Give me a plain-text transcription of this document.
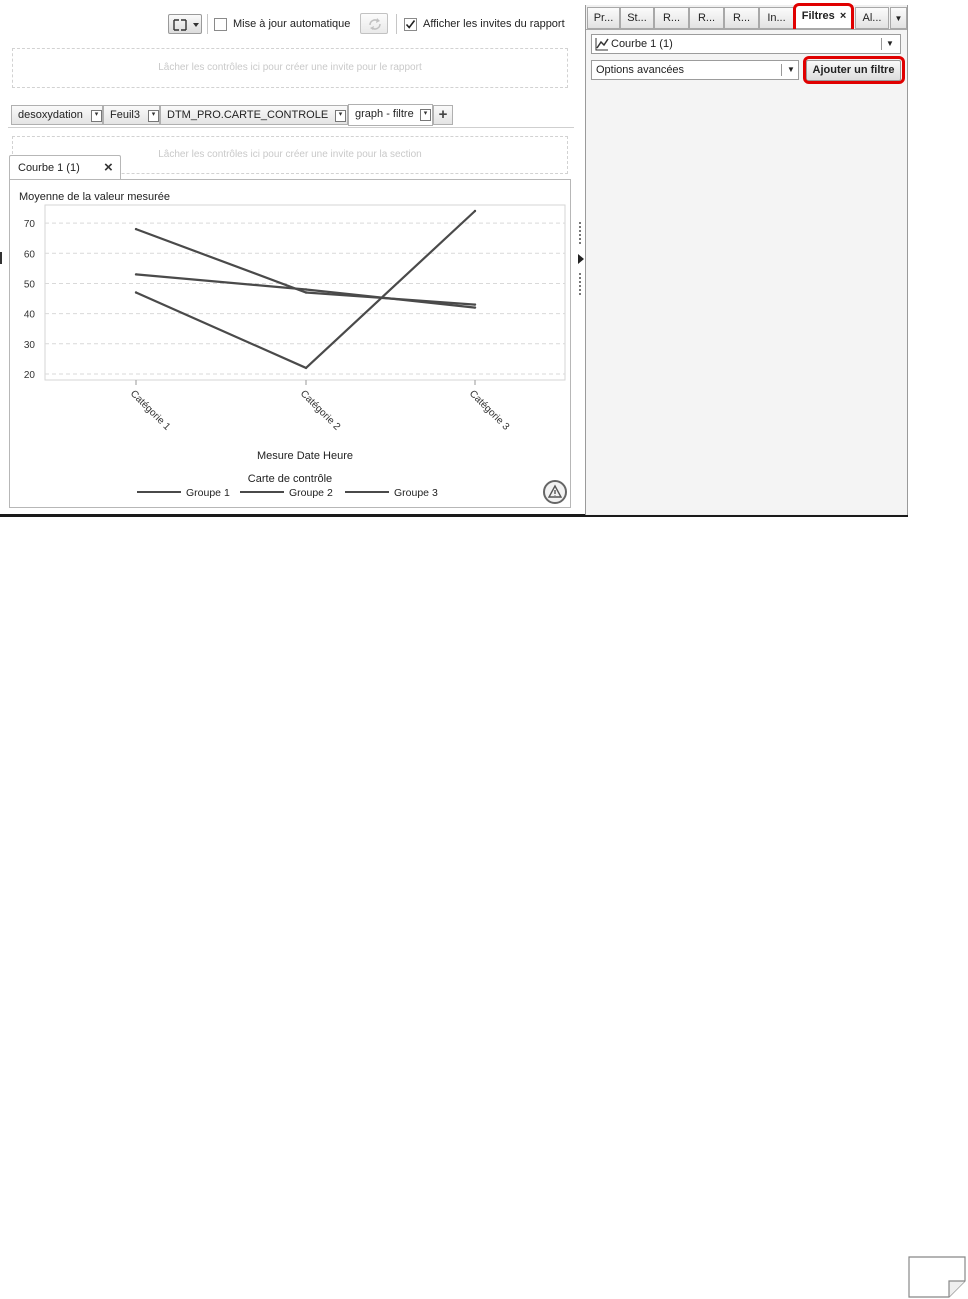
Mise à jour automatique	Afficher les invites du rapport
Lâcher les contrôles ici pour créer une invite pour le rapport
desoxydation	▾	Feuil3	▾	DTM_PRO.CARTE_CONTROLE	▾	graph - filtre	▾ +
Lâcher les contrôles ici pour créer une invite pour la section
Courbe 1 (1) ×
Moyenne de la valeur mesurée
20
30
40
50
60
70
Catégorie 1	Catégorie 2	Catégorie 3
Mesure Date Heure
Carte de contrôle
Groupe 1	Groupe 2	Groupe 3
Pr...	St...	R...	R...	R...	In...	Filtres ×	Al...	▼
Courbe 1 (1)	▼
Options avancées	▼	Ajouter un filtre
